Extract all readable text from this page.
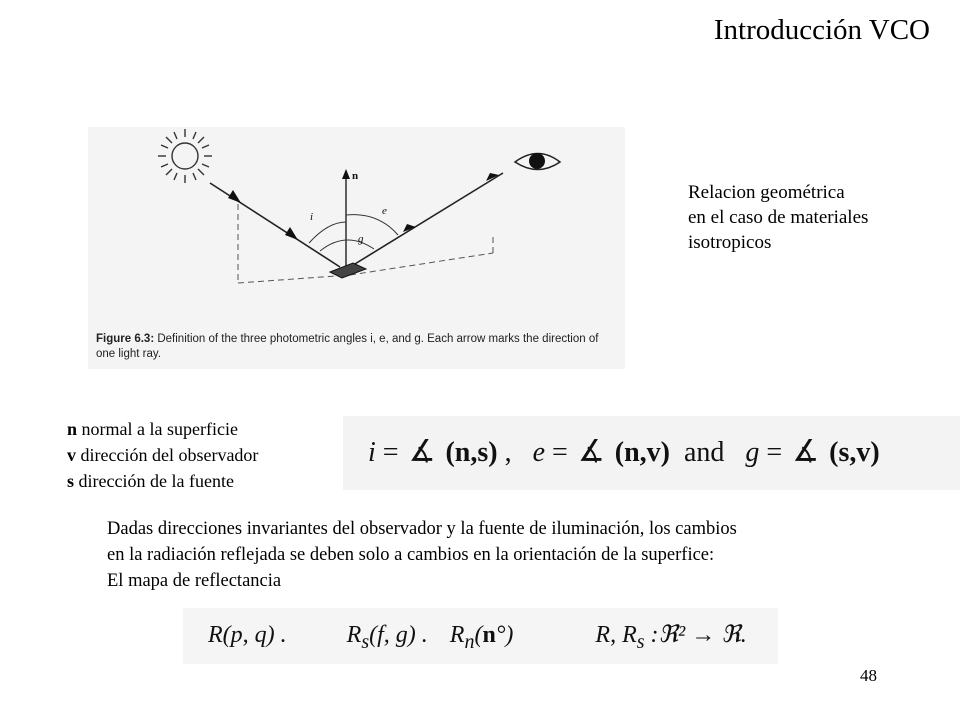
Introducción VCO
n
i	e
g
Figure 6.3: Definition of the three photometric angles i, e, and g. Each arrow marks the direction of one light ray.
Relacion geométrica
en el caso de materiales
isotropicos
n normal a la superficie
v dirección del observador
s dirección de la fuente
i = ∡ (n,s) , e = ∡ (n,v) and g = ∡ (s,v)
Dadas direcciones invariantes del observador y la fuente de iluminación, los cambios
en la radiación reflejada se deben solo a cambios en la orientación de la superfice:
El mapa de reflectancia
R(p, q) .	$R_s(f$, g) . $R_n(n^\circ)$	R, $R_s$ :ℜ² → ℜ.
48
